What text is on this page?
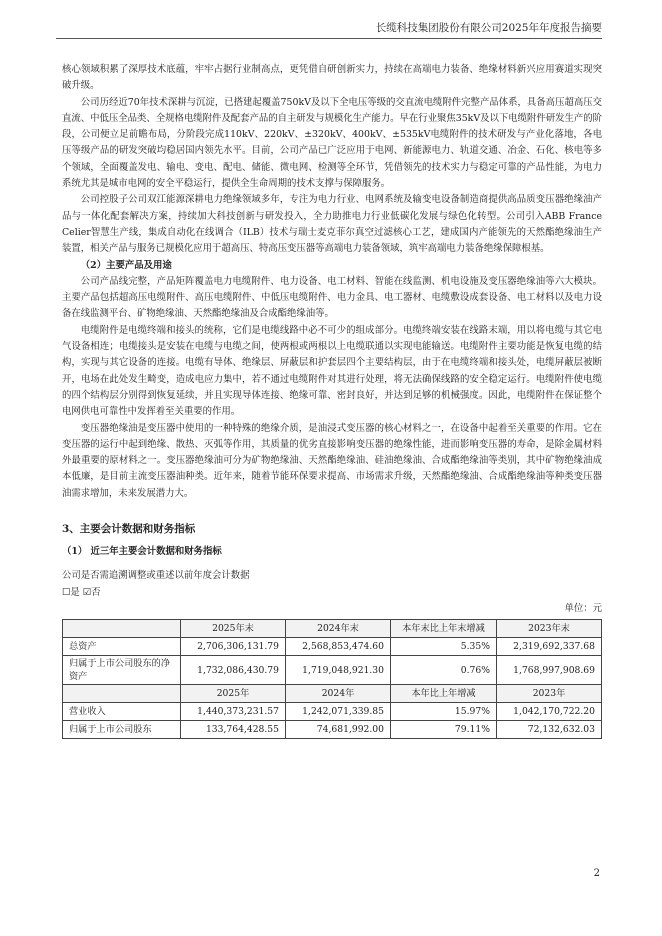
长缆科技集团股份有限公司2025年年度报告摘要

核心领域积累了深厚技术底蕴，牢牢占据行业制高点，更凭借自研创新实力，持续在高端电力装备、绝缘材料新兴应用赛道实现突破升级。

公司历经近70年技术深耕与沉淀，已搭建起覆盖750kV及以下全电压等级的交直流电缆附件完整产品体系，具备高压超高压交直流、中低压全品类、全规格电缆附件及配套产品的自主研发与规模化生产能力。早在行业聚焦35kV及以下电缆附件研发生产的阶段，公司便立足前瞻布局，分阶段完成110kV、220kV、±320kV、400kV、±535kV电缆附件的技术研发与产业化落地，各电压等级产品的研发突破均稳居国内领先水平。目前，公司产品已广泛应用于电网、新能源电力、轨道交通、冶金、石化、核电等多个领域，全面覆盖发电、输电、变电、配电、储能、微电网、检测等全环节，凭借领先的技术实力与稳定可靠的产品性能，为电力系统尤其是城市电网的安全平稳运行，提供全生命周期的技术支撑与保障服务。

公司控股子公司双江能源深耕电力绝缘领域多年，专注为电力行业、电网系统及输变电设备制造商提供高品质变压器绝缘油产品与一体化配套解决方案，持续加大科技创新与研发投入，全力助推电力行业低碳化发展与绿色化转型。公司引入ABB France Celier智慧生产线，集成自动化在线调合（ILB）技术与瑞士麦克菲尔真空过滤核心工艺，建成国内产能领先的天然酯绝缘油生产装置，相关产品与服务已规模化应用于超高压、特高压变压器等高端电力装备领域，筑牢高端电力装备绝缘保障根基。

（2）主要产品及用途

公司产品线完整，产品矩阵覆盖电力电缆附件、电力设备、电工材料、智能在线监测、机电设施及变压器绝缘油等六大模块。主要产品包括超高压电缆附件、高压电缆附件、中低压电缆附件、电力金具、电工器材、电缆敷设成套设备、电工材料以及电力设备在线监测平台、矿物绝缘油、天然酯绝缘油及合成酯绝缘油等。

电缆附件是电缆终端和接头的统称，它们是电缆线路中必不可少的组成部分。电缆终端安装在线路末端，用以将电缆与其它电气设备相连；电缆接头是安装在电缆与电缆之间，使两根或两根以上电缆联通以实现电能输送。电缆附件主要功能是恢复电缆的结构，实现与其它设备的连接。电缆有导体、绝缘层、屏蔽层和护套层四个主要结构层，由于在电缆终端和接头处，电缆屏蔽层被断开，电场在此处发生畸变，造成电应力集中，若不通过电缆附件对其进行处理，将无法确保线路的安全稳定运行。电缆附件使电缆的四个结构层分别得到恢复延续，并且实现导体连接、绝缘可靠、密封良好，并达到足够的机械强度。因此，电缆附件在保证整个电网供电可靠性中发挥着至关重要的作用。

变压器绝缘油是变压器中使用的一种特殊的绝缘介质，是油浸式变压器的核心材料之一，在设备中起着至关重要的作用。它在变压器的运行中起到绝缘、散热、灭弧等作用，其质量的优劣直接影响变压器的绝缘性能，进而影响变压器的寿命，是除金属材料外最重要的原材料之一。变压器绝缘油可分为矿物绝缘油、天然酯绝缘油、硅油绝缘油、合成酯绝缘油等类别，其中矿物绝缘油成本低廉，是目前主流变压器油种类。近年来，随着节能环保要求提高、市场需求升级，天然酯绝缘油、合成酯绝缘油等种类变压器油需求增加，未来发展潜力大。

3、主要会计数据和财务指标

（1） 近三年主要会计数据和财务指标

公司是否需追溯调整或重述以前年度会计数据

☐是 ☑否

单位：元

	2025年末	2024年末	本年末比上年末增减	2023年末
总资产	2,706,306,131.79	2,568,853,474.60	5.35%	2,319,692,337.68
归属于上市公司股东的净资产	1,732,086,430.79	1,719,048,921.30	0.76%	1,768,997,908.69
	2025年	2024年	本年比上年增减	2023年
营业收入	1,440,373,231.57	1,242,071,339.85	15.97%	1,042,170,722.20
归属于上市公司股东	133,764,428.55	74,681,992.00	79.11%	72,132,632.03
2
